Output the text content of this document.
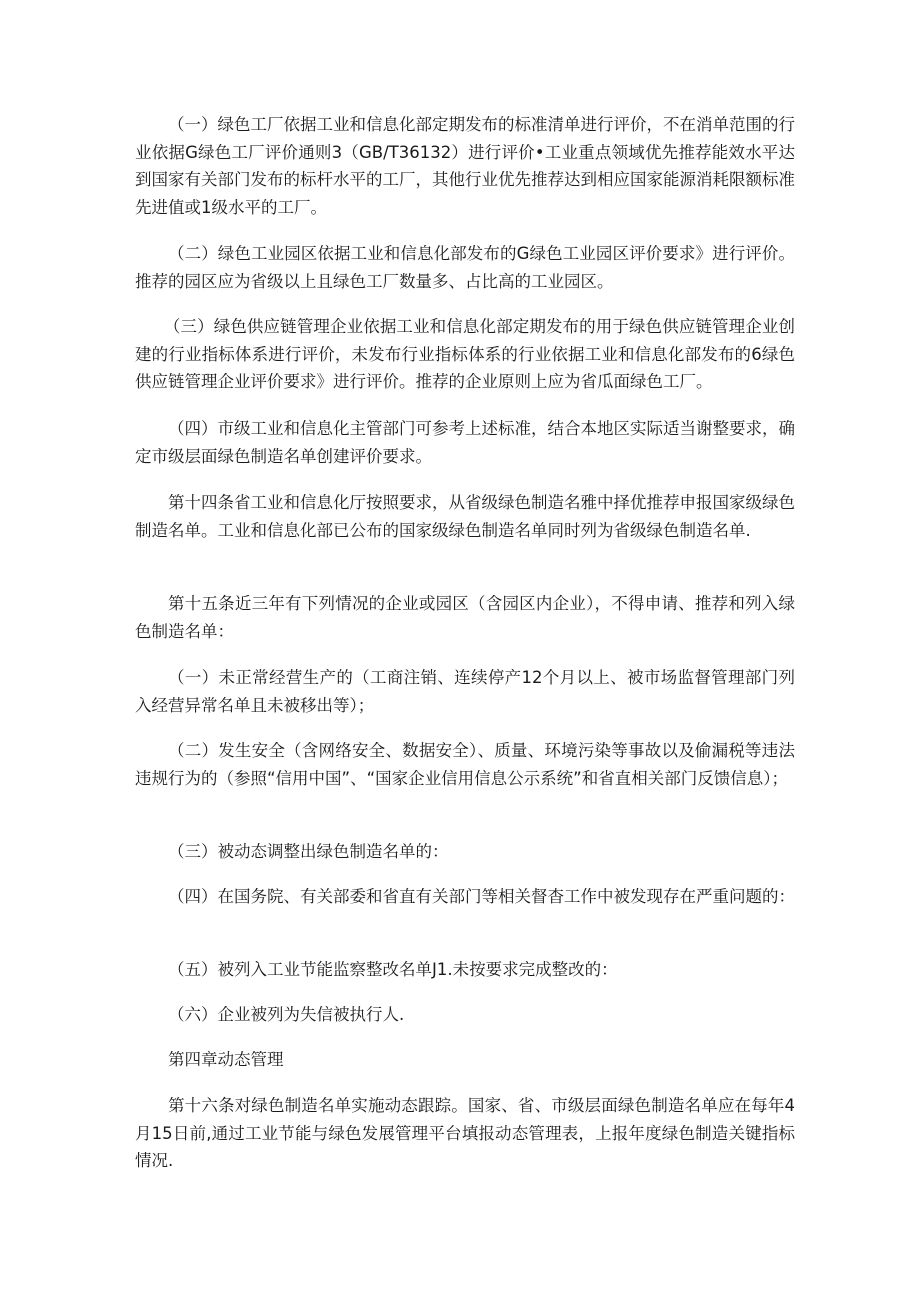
（一）绿色工厂依据工业和信息化部定期发布的标准清单进行评价，不在消单范围的行业依据G绿色工厂评价通则3（GB/T36132）进行评价•工业重点领域优先推荐能效水平达到国家有关部门发布的标杆水平的工厂，其他行业优先推荐达到相应国家能源消耗限额标准先进值或1级水平的工厂。

（二）绿色工业园区依据工业和信息化部发布的G绿色工业园区评价要求》进行评价。推荐的园区应为省级以上且绿色工厂数量多、占比高的工业园区。

（三）绿色供应链管理企业依据工业和信息化部定期发布的用于绿色供应链管理企业创建的行业指标体系进行评价，未发布行业指标体系的行业依据工业和信息化部发布的6绿色供应链管理企业评价要求》进行评价。推荐的企业原则上应为省瓜面绿色工厂。

（四）市级工业和信息化主管部门可参考上述标准，结合本地区实际适当谢整要求，确定市级层面绿色制造名单创建评价要求。

第十四条省工业和信息化厅按照要求，从省级绿色制造名雅中择优推荐申报国家级绿色制造名单。工业和信息化部已公布的国家级绿色制造名单同时列为省级绿色制造名单.

第十五条近三年有下列情况的企业或园区（含园区内企业），不得申请、推荐和列入绿色制造名单：

（一）未正常经营生产的（工商注销、连续停产12个月以上、被市场监督管理部门列入经营异常名单且未被移出等）；

（二）发生安全（含网络安全、数据安全）、质量、环境污染等事故以及偷漏税等违法违规行为的（参照“信用中国”、“国家企业信用信息公示系统”和省直相关部门反馈信息）；

（三）被动态调整出绿色制造名单的：

（四）在国务院、有关部委和省直有关部门等相关督杳工作中被发现存在严重问题的：

（五）被列入工业节能监察整改名单J1.未按要求完成整改的：

（六）企业被列为失信被执行人.

第四章动态管理

第十六条对绿色制造名单实施动态跟踪。国家、省、市级层面绿色制造名单应在每年4月15日前,通过工业节能与绿色发展管理平台填报动态管理表，上报年度绿色制造关键指标情况.
